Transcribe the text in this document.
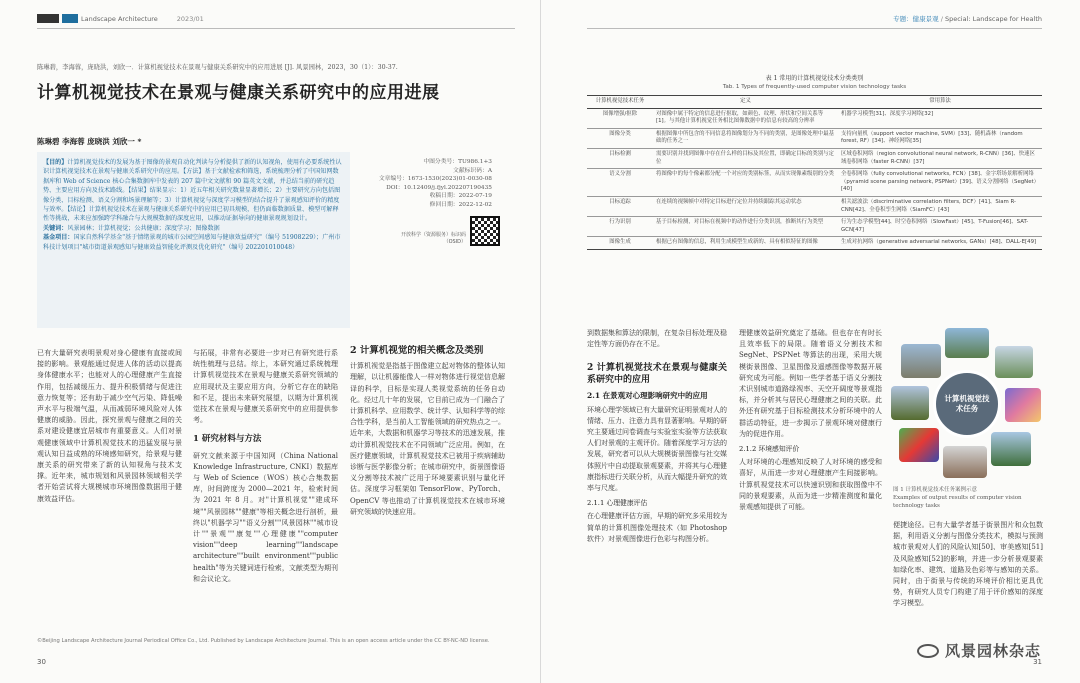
Landscape Architecture	2023/01
陈琳碧，李海蓉，庞晓洪，刘欣一．计算机视觉技术在景观与健康关系研究中的应用进展 [J]. 风景园林，2023，30（1）：30-37.
计算机视觉技术在景观与健康关系研究中的应用进展
陈琳碧 李海蓉 庞晓洪 刘欣一 *
【目的】计算机视觉技术的发展为基于图像的景观自动化判读与分析提供了新的认知视角，使用有必要系统性认识计算机视觉技术在景观与健康关系研究中的应用。【方法】基于文献检索和筛选，系统梳理分析了中国知网数据库和 Web of Science 核心合集数据库中发表的 207 篇中文文献和 90 篇英文文献，并总结当前的研究趋势、主要应用方向及技术路线。【结果】结果显示：1）近五年相关研究数量显著增长；2）主要研究方向包括图像分类、目标检测、语义分割和场景理解等；3）计算机视觉与深度学习模型的结合提升了景观感知评价的精度与效率。【结论】计算机视觉技术在景观与健康关系研究中的应用已初具规模，但仍面临数据质量、模型可解释性等挑战，未来应加强跨学科融合与大规模数据的深度应用，以推动证据导向的健康景观规划设计。
关键词：风景园林；计算机视觉；公共健康；深度学习；图像数据
基金项目：国家自然科学基金"基于情绪景观的城市公园空间感知与健康效益研究"（编号 51908229）；广州市科技计划项目"城市街道景观感知与健康效益智能化评测及优化研究"（编号 202201010048）
中图分类号：TU986.1+3
文献标识码：A
文章编号：1673-1530(2023)01-0030-08
DOI：10.12409/j.fjyl.202207190435
收稿日期：2022-07-19
修回日期：2022-12-02
开放科学（资源服务）标识码（OSID）
已有大量研究表明景观对身心健康有直接或间接的影响。景观能通过促进人体的活动以提高身体健康水平；也能对人的心理健康产生直接作用，包括减缓压力、提升积极情绪与促进注意力恢复等；还有助于减少空气污染、降低噪声水平与极端气温，从而减弱环境风险对人体健康的威胁。因此，探究景观与健康之间的关系对建设健康宜居城市有重要意义。人们对景观健康领域中计算机视觉技术的迅猛发展与景观认知日益成熟的环境感知研究，给景观与健康关系的研究带来了新的认知视角与技术支撑。近年来，城市规划和风景园林领域相关学者开始尝试将大规模城市环境图像数据用于健康效益评估。
与拓展，非常有必要进一步对已有研究进行系统性梳理与总结。综上，本研究通过系统梳理计算机视觉技术在景观与健康关系研究领域的应用现状及主要应用方向，分析它存在的缺陷和不足，提出未来研究展望，以期为计算机视觉技术在景观与健康关系研究中的应用提供参考。
1 研究材料与方法
研究文献来源于中国知网（China National Knowledge Infrastructure, CNKI）数据库与 Web of Science（WOS）核心合集数据库，时间跨度为 2000—2021 年，检索时间为 2021 年 8 月。对"计算机视觉""建成环境""风景园林""健康"等相关概念进行剖析，最终以"机器学习""语义分割""风景园林""城市设计""景观""康复""心理健康""computer vision""deep learning""landscape architecture""built environment""public health"等为关键词进行检索，文献类型为期刊和会议论文。
2 计算机视觉的相关概念及类别
计算机视觉是指基于图像建立起对物体的整体认知理解，以让机器能像人一样对物体进行视觉信息解译的科学，目标是实现人类视觉系统的任务自动化。经过几十年的发展，它目前已成为一门融合了计算机科学、应用数学、统计学、认知科学等的综合性学科，是当前人工智能领域的研究热点之一。近年来，大数据和机器学习等技术的迅速发展，推动计算机视觉技术在不同领域广泛应用。例如，在医疗健康领域，计算机视觉技术已被用于疾病辅助诊断与医学影像分析；在城市研究中，街景图像语义分割等技术被广泛用于环境要素识别与量化评估。深度学习框架如 TensorFlow、PyTorch、OpenCV 等也推动了计算机视觉技术在城市环境研究领域的快速应用。
©Beijing Landscape Architecture Journal Periodical Office Co., Ltd. Published by Landscape Architecture Journal. This is an open access article under the CC BY-NC-ND license.
30
专题：健康景观 / Special: Landscape for Health
表 1 常用的计算机视觉技术分类类别
Tab. 1 Types of frequently-used computer vision technology tasks
计算机视觉技术任务	定义	常用算法
图像增强/抠除	对图像中属于特定的信息进行抠取，如颜色、纹理、形状和空间关系等[1]。与其他计算机视觉任务相比图像数据中的信息有较高的分辨率	机器学习模型[31]、深度学习网络[32]
图像分类	根据图像中所包含的不同信息将图像划分为不同的类别，是图像处理中最基础的任务之一	支持向量机（support vector machine, SVM）[33]、随机森林（random forest, RF）[34]、神经网络[35]
目标检测	需要识别并找到图像中存在什么样的目标及其位置，即确定目标的类别与定位	区域卷积网络（region convolutional neural network, R-CNN）[36]、快速区域卷积网络（faster R-CNN）[37]
语义分割	将图像中的每个像素都分配一个对应的类别标签，从而实现像素级别的分类	全卷积网络（fully convolutional networks, FCN）[38]、金字塔场景解析网络（pyramid scene parsing network, PSPNet）[39]、语义分割网络（SegNet）[40]
目标追踪	在连续的视频帧中对特定目标进行定位并持续跟踪其运动状态	相关滤波法（discriminative correlation filters, DCF）[41]、Siam R-CNN[42]、全卷积孪生网络（SiamFC）[43]
行为识别	基于目标检测，对目标在视频中的动作进行分类识别，推断其行为类型	行为生态学模型[44]、时空卷积网络（SlowFast）[45]、T-Fusion[46]、SAT-GCN[47]
图像生成	根据已有图像的信息，利用生成模型生成新的、具有相似特征的图像	生成对抗网络（generative adversarial networks, GANs）[48]、DALL-E[49]
到数据集和算法的限制，在复杂目标处理及稳定性等方面仍存在不足。
2 计算机视觉技术在景观与健康关系研究中的应用
2.1 在景观对心理影响研究中的应用
环境心理学领域已有大量研究证明景观对人的情绪、压力、注意力具有显著影响。早期的研究主要通过问卷调查与实验室实验等方法获取人们对景观的主观评价。随着深度学习方法的发展，研究者可以从大规模街景图像与社交媒体照片中自动提取景观要素，并将其与心理健康指标进行关联分析，从而大幅提升研究的效率与尺度。
2.1.1 心理健康评估
在心理健康评估方面，早期的研究多采用较为简单的计算机图像处理技术（如 Photoshop 软件）对景观图像进行色彩与构图分析。
理健康效益研究奠定了基础。但也存在有时长且效率低下的局限。随着语义分割技术和 SegNet、PSPNet 等算法的出现，采用大规模街景图像、卫星图像及遥感图像等数据开展研究成为可能。例如一些学者基于语义分割技术识别城市道路绿视率、天空开阔度等景观指标，并分析其与居民心理健康之间的关联。此外还有研究基于目标检测技术分析环境中的人群活动特征，进一步揭示了景观环境对健康行为的促进作用。
2.1.2 环境感知评价
人对环境的心理感知反映了人对环境的感受和喜好，从而进一步对心理健康产生间接影响。计算机视觉技术可以快速识别和获取图像中不同的景观要素，从而为进一步精准测度和量化景观感知提供了可能。
计算机视觉技术任务
图 1 计算机视觉技术任务案例示意
Examples of output results of computer vision technology tasks
便捷途径。已有大量学者基于街景图片和众包数据，利用语义分割与图像分类技术，模拟与预测城市景观对人们的风险认知[50]、审美感知[51]及风险感知[52]的影响，并进一步分析景观要素如绿化率、建筑、道路及色彩等与感知的关系。同时，由于街景与传统的环境评价相比更具优势，有研究人员专门构建了用于评价感知的深度学习模型。
风景园林杂志
31
